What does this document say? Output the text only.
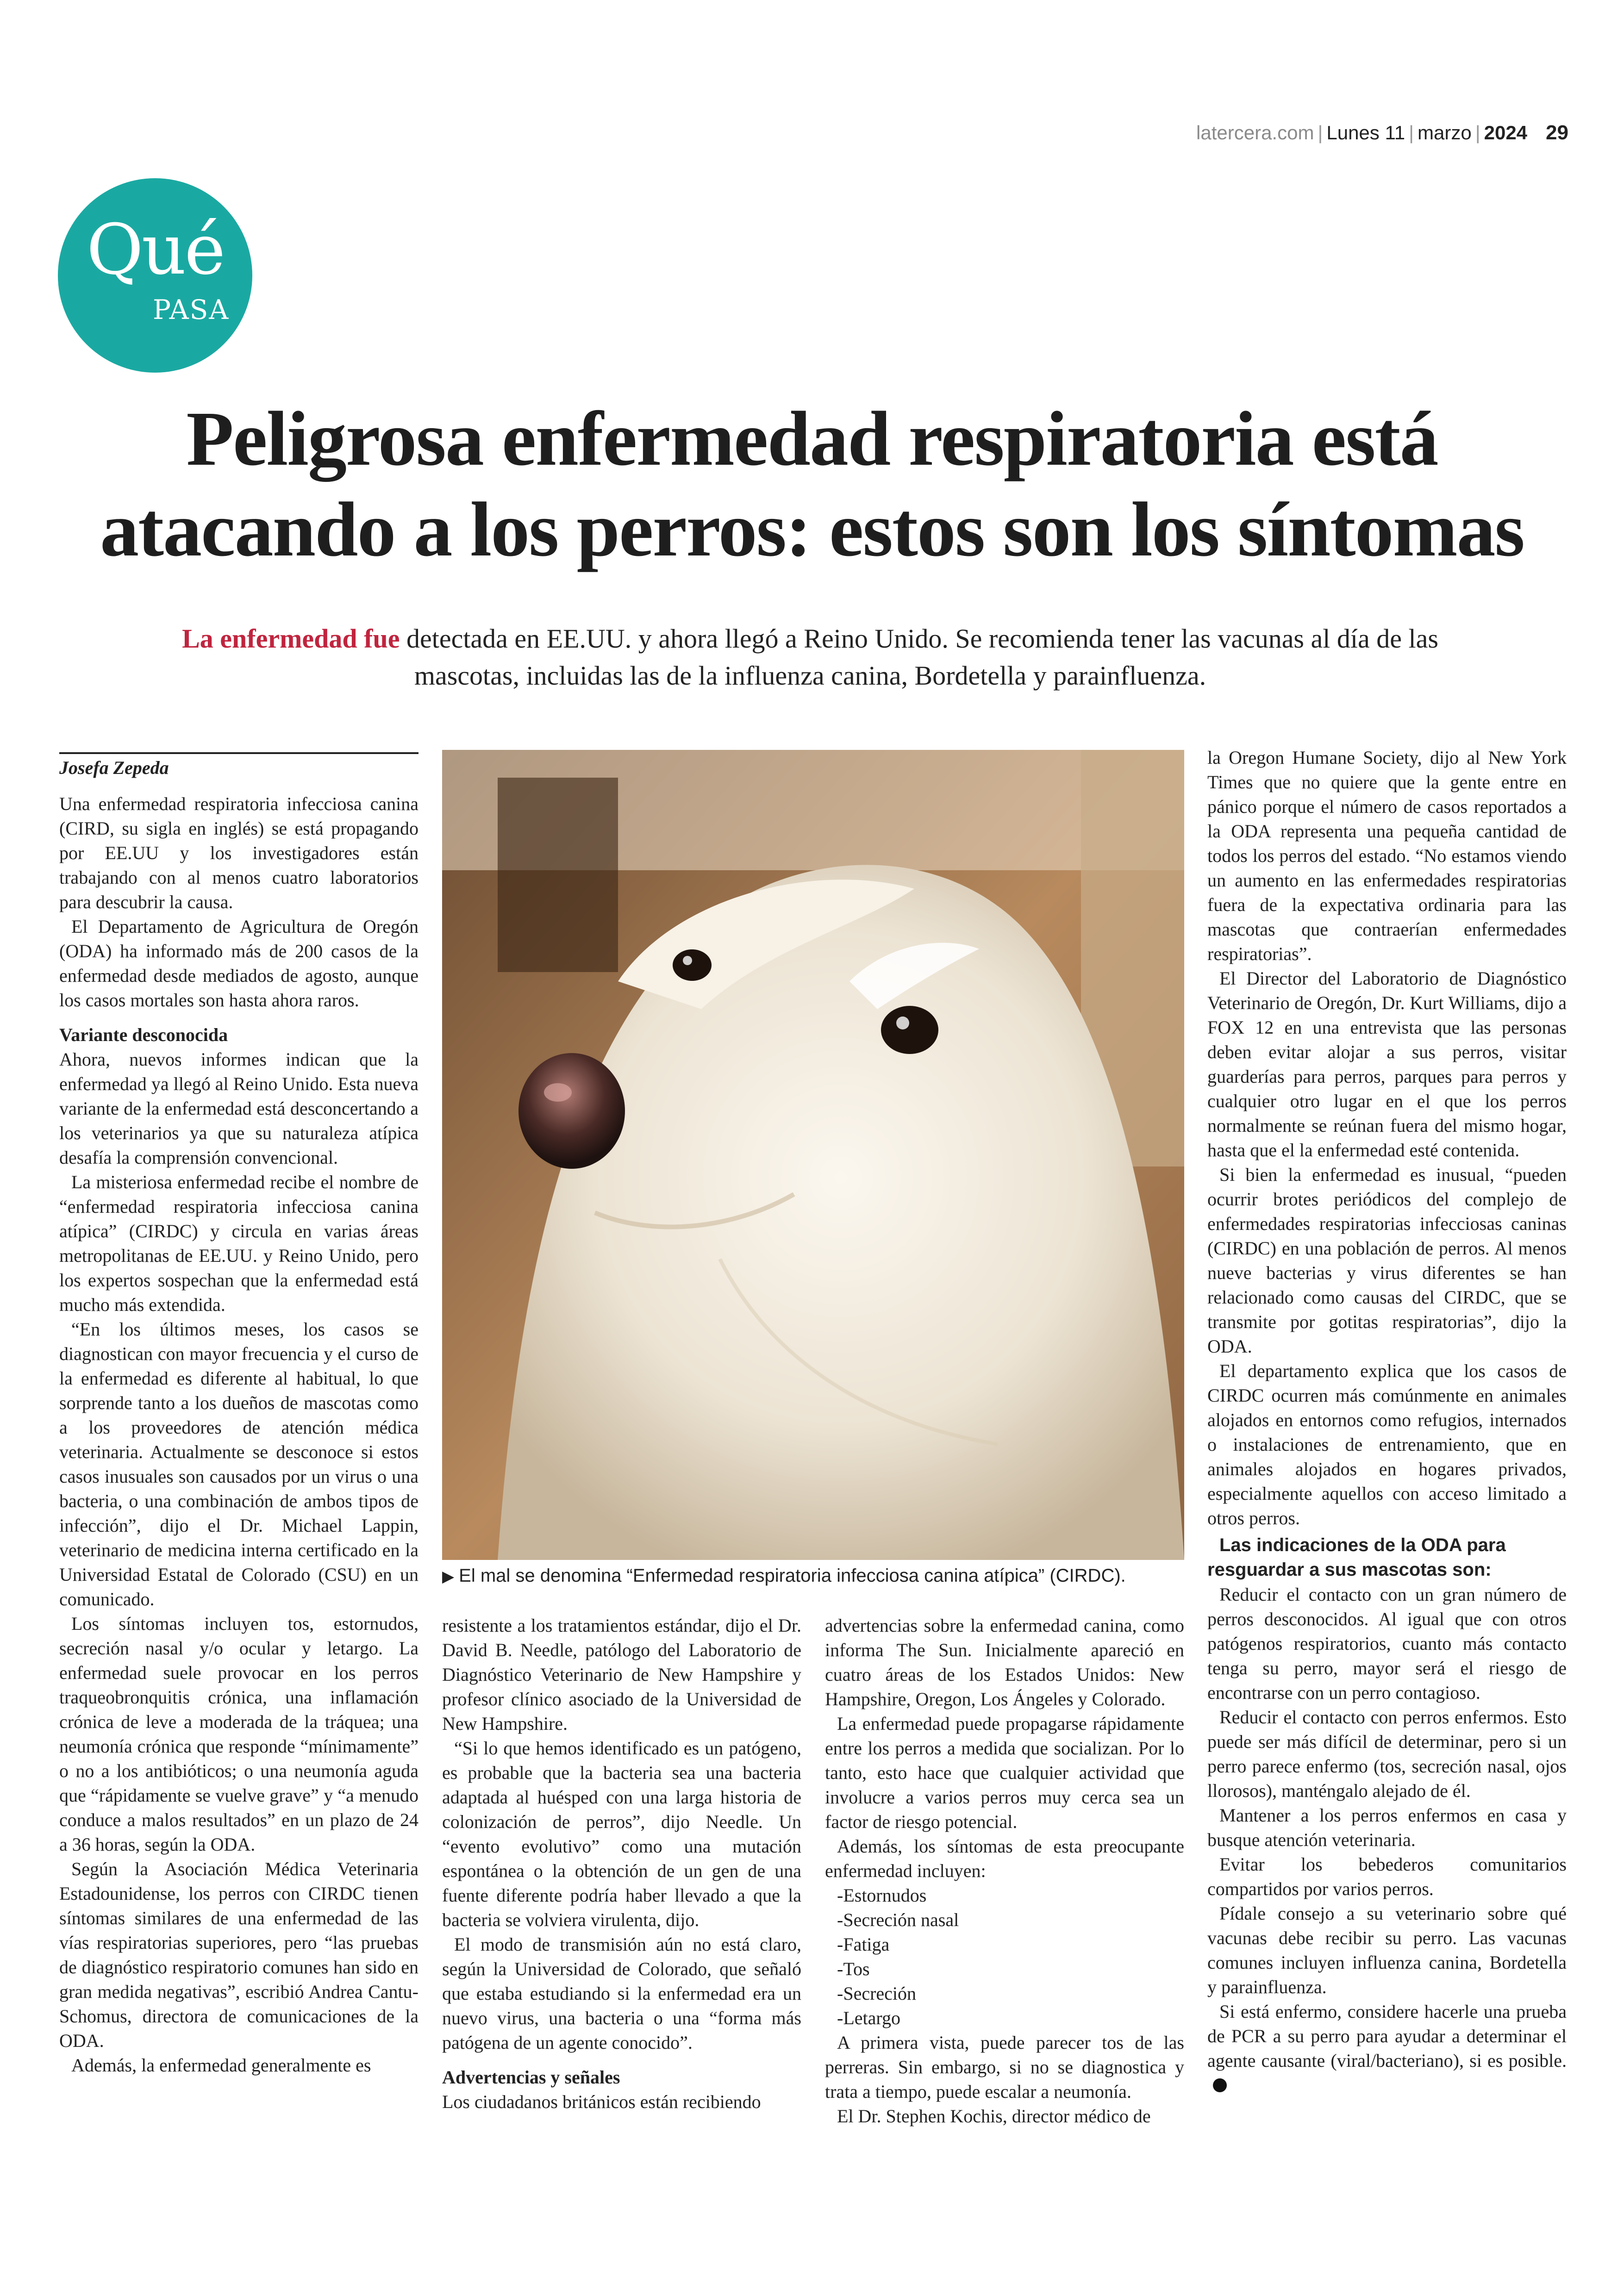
latercera.com | Lunes 11 | marzo | 2024 29
Qué
PASA
Peligrosa enfermedad respiratoria está atacando a los perros: estos son los síntomas
La enfermedad fue detectada en EE.UU. y ahora llegó a Reino Unido. Se recomienda tener las vacunas al día de las mascotas, incluidas las de la influenza canina, Bordetella y parainfluenza.
Josefa Zepeda

Una enfermedad respiratoria infecciosa canina (CIRD, su sigla en inglés) se está propagando por EE.UU y los investigadores están trabajando con al menos cuatro laboratorios para descubrir la causa.

El Departamento de Agricultura de Oregón (ODA) ha informado más de 200 casos de la enfermedad desde mediados de agosto, aunque los casos mortales son hasta ahora raros.

Variante desconocida

Ahora, nuevos informes indican que la enfermedad ya llegó al Reino Unido. Esta nueva variante de la enfermedad está desconcertando a los veterinarios ya que su naturaleza atípica desafía la comprensión convencional.

La misteriosa enfermedad recibe el nombre de “enfermedad respiratoria infecciosa canina atípica” (CIRDC) y circula en varias áreas metropolitanas de EE.UU. y Reino Unido, pero los expertos sospechan que la enfermedad está mucho más extendida.

“En los últimos meses, los casos se diagnostican con mayor frecuencia y el curso de la enfermedad es diferente al habitual, lo que sorprende tanto a los dueños de mascotas como a los proveedores de atención médica veterinaria. Actualmente se desconoce si estos casos inusuales son causados por un virus o una bacteria, o una combinación de ambos tipos de infección”, dijo el Dr. Michael Lappin, veterinario de medicina interna certificado en la Universidad Estatal de Colorado (CSU) en un comunicado.

Los síntomas incluyen tos, estornudos, secreción nasal y/o ocular y letargo. La enfermedad suele provocar en los perros traqueobronquitis crónica, una inflamación crónica de leve a moderada de la tráquea; una neumonía crónica que responde “mínimamente” o no a los antibióticos; o una neumonía aguda que “rápidamente se vuelve grave” y “a menudo conduce a malos resultados” en un plazo de 24 a 36 horas, según la ODA.

Según la Asociación Médica Veterinaria Estadounidense, los perros con CIRDC tienen síntomas similares de una enfermedad de las vías respiratorias superiores, pero “las pruebas de diagnóstico respiratorio comunes han sido en gran medida negativas”, escribió Andrea Cantu-Schomus, directora de comunicaciones de la ODA.

Además, la enfermedad generalmente es

▶ El mal se denomina “Enfermedad respiratoria infecciosa canina atípica” (CIRDC).

resistente a los tratamientos estándar, dijo el Dr. David B. Needle, patólogo del Laboratorio de Diagnóstico Veterinario de New Hampshire y profesor clínico asociado de la Universidad de New Hampshire.

“Si lo que hemos identificado es un patógeno, es probable que la bacteria sea una bacteria adaptada al huésped con una larga historia de colonización de perros”, dijo Needle. Un “evento evolutivo” como una mutación espontánea o la obtención de un gen de una fuente diferente podría haber llevado a que la bacteria se volviera virulenta, dijo.

El modo de transmisión aún no está claro, según la Universidad de Colorado, que señaló que estaba estudiando si la enfermedad era un nuevo virus, una bacteria o una “forma más patógena de un agente conocido”.

Advertencias y señales

Los ciudadanos británicos están recibiendo

advertencias sobre la enfermedad canina, como informa The Sun. Inicialmente apareció en cuatro áreas de los Estados Unidos: New Hampshire, Oregon, Los Ángeles y Colorado.

La enfermedad puede propagarse rápidamente entre los perros a medida que socializan. Por lo tanto, esto hace que cualquier actividad que involucre a varios perros muy cerca sea un factor de riesgo potencial.

Además, los síntomas de esta preocupante enfermedad incluyen:

-Estornudos

-Secreción nasal

-Fatiga

-Tos

-Secreción

-Letargo

A primera vista, puede parecer tos de las perreras. Sin embargo, si no se diagnostica y trata a tiempo, puede escalar a neumonía.

El Dr. Stephen Kochis, director médico de

la Oregon Humane Society, dijo al New York Times que no quiere que la gente entre en pánico porque el número de casos reportados a la ODA representa una pequeña cantidad de todos los perros del estado. “No estamos viendo un aumento en las enfermedades respiratorias fuera de la expectativa ordinaria para las mascotas que contraerían enfermedades respiratorias”.

El Director del Laboratorio de Diagnóstico Veterinario de Oregón, Dr. Kurt Williams, dijo a FOX 12 en una entrevista que las personas deben evitar alojar a sus perros, visitar guarderías para perros, parques para perros y cualquier otro lugar en el que los perros normalmente se reúnan fuera del mismo hogar, hasta que el la enfermedad esté contenida.

Si bien la enfermedad es inusual, “pueden ocurrir brotes periódicos del complejo de enfermedades respiratorias infecciosas caninas (CIRDC) en una población de perros. Al menos nueve bacterias y virus diferentes se han relacionado como causas del CIRDC, que se transmite por gotitas respiratorias”, dijo la ODA.

El departamento explica que los casos de CIRDC ocurren más comúnmente en animales alojados en entornos como refugios, internados o instalaciones de entrenamiento, que en animales alojados en hogares privados, especialmente aquellos con acceso limitado a otros perros.

Las indicaciones de la ODA para resguardar a sus mascotas son:

Reducir el contacto con un gran número de perros desconocidos. Al igual que con otros patógenos respiratorios, cuanto más contacto tenga su perro, mayor será el riesgo de encontrarse con un perro contagioso.

Reducir el contacto con perros enfermos. Esto puede ser más difícil de determinar, pero si un perro parece enfermo (tos, secreción nasal, ojos llorosos), manténgalo alejado de él.

Mantener a los perros enfermos en casa y busque atención veterinaria.

Evitar los bebederos comunitarios compartidos por varios perros.

Pídale consejo a su veterinario sobre qué vacunas debe recibir su perro. Las vacunas comunes incluyen influenza canina, Bordetella y parainfluenza.

Si está enfermo, considere hacerle una prueba de PCR a su perro para ayudar a determinar el agente causante (viral/bacteriano), si es posible.
